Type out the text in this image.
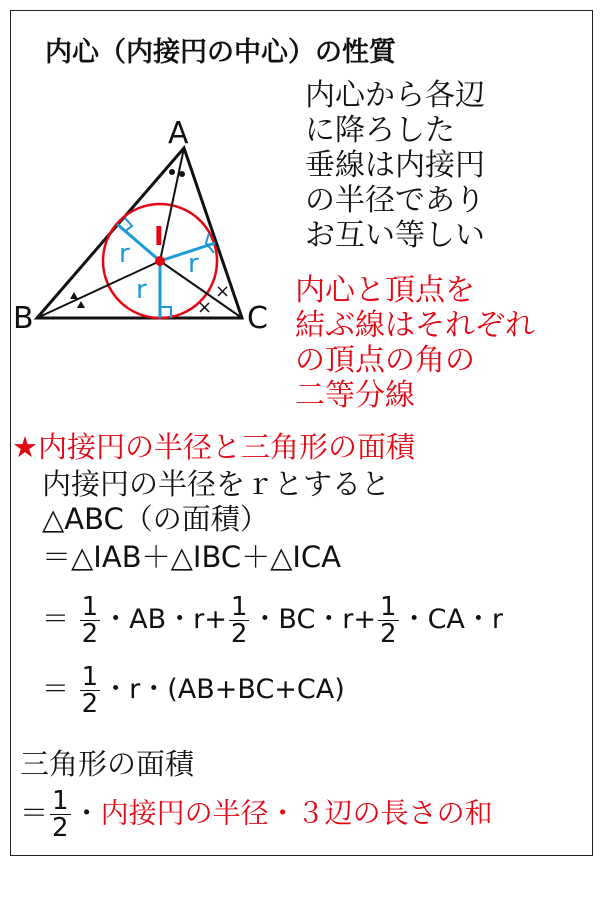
内心（内接円の中心）の性質
×
×
A
B	C
I
r r
r
内心から各辺
に降ろした
垂線は内接円
の半径であり
お互い等しい
内心と頂点を
結ぶ線はそれぞれ
の頂点の角の
二等分線
★内接円の半径と三角形の面積
内接円の半径をｒとすると
△ABC（の面積）
＝△IAB＋△IBC＋△ICA
＝ $\frac{1}{2}$ ・AB・$r+ \frac{1}{2}$ ・BC・$r+ \frac{1}{2}$ ・CA・r
＝ $\frac{1}{2}$ ・r・(AB+BC+CA)
三角形の面積
＝ $\frac{1}{2}$ ・内接円の半径・３辺の長さの和
